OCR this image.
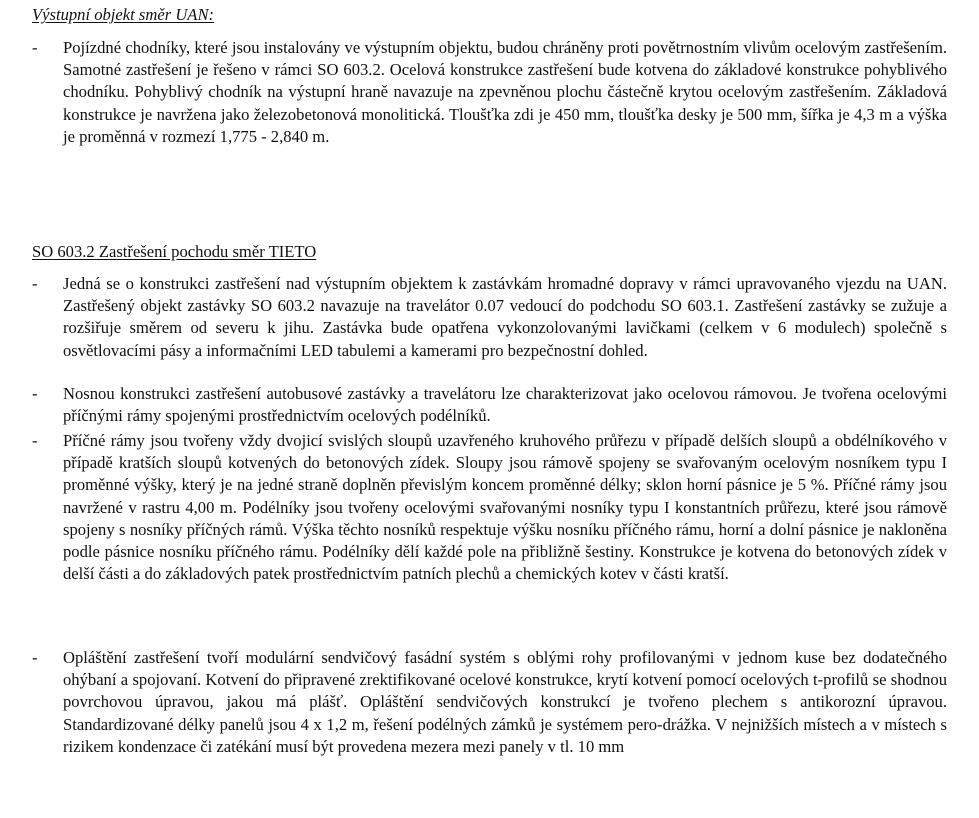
Výstupní objekt směr UAN:
-	Pojízdné chodníky, které jsou instalovány ve výstupním objektu, budou chráněny proti povětrnostním vlivům ocelovým zastřešením. Samotné zastřešení je řešeno v rámci SO 603.2. Ocelová konstrukce zastřešení bude kotvena do základové konstrukce pohyblivého chodníku. Pohyblivý chodník na výstupní hraně navazuje na zpevněnou plochu částečně krytou ocelovým zastřešením. Základová konstrukce je navržena jako železobetonová monolitická. Tloušťka zdi je 450 mm, tloušťka desky je 500 mm, šířka je 4,3 m a výška je proměnná v rozmezí 1,775 - 2,840 m.
SO 603.2 Zastřešení pochodu směr TIETO
-	Jedná se o konstrukci zastřešení nad výstupním objektem k zastávkám hromadné dopravy v rámci upravovaného vjezdu na UAN. Zastřešený objekt zastávky SO 603.2 navazuje na travelátor 0.07 vedoucí do podchodu SO 603.1. Zastřešení zastávky se zužuje a rozšiřuje směrem od severu k jihu. Zastávka bude opatřena vykonzolovanými lavičkami (celkem v 6 modulech) společně s osvětlovacími pásy a informačními LED tabulemi a kamerami pro bezpečnostní dohled.
-	Nosnou konstrukci zastřešení autobusové zastávky a travelátoru lze charakterizovat jako ocelovou rámovou. Je tvořena ocelovými příčnými rámy spojenými prostřednictvím ocelových podélníků.
-	Příčné rámy jsou tvořeny vždy dvojicí svislých sloupů uzavřeného kruhového průřezu v případě delších sloupů a obdélníkového v případě kratších sloupů kotvených do betonových zídek. Sloupy jsou rámově spojeny se svařovaným ocelovým nosníkem typu I proměnné výšky, který je na jedné straně doplněn převislým koncem proměnné délky; sklon horní pásnice je 5 %. Příčné rámy jsou navržené v rastru 4,00 m. Podélníky jsou tvořeny ocelovými svařovanými nosníky typu I konstantních průřezu, které jsou rámově spojeny s nosníky příčných rámů. Výška těchto nosníků respektuje výšku nosníku příčného rámu, horní a dolní pásnice je nakloněna podle pásnice nosníku příčného rámu. Podélníky dělí každé pole na přibližně šestiny. Konstrukce je kotvena do betonových zídek v delší části a do základových patek prostřednictvím patních plechů a chemických kotev v části kratší.
-	Opláštění zastřešení tvoří modulární sendvičový fasádní systém s oblými rohy profilovanými v jednom kuse bez dodatečného ohýbaní a spojovaní. Kotvení do připravené zrektifikované ocelové konstrukce, krytí kotvení pomocí ocelových t-profilů se shodnou povrchovou úpravou, jakou má plášť. Opláštění sendvičových konstrukcí je tvořeno plechem s antikorozní úpravou. Standardizované délky panelů jsou 4 x 1,2 m, řešení podélných zámků je systémem pero-drážka. V nejnižších místech a v místech s rizikem kondenzace či zatékání musí být provedena mezera mezi panely v tl. 10 mm
